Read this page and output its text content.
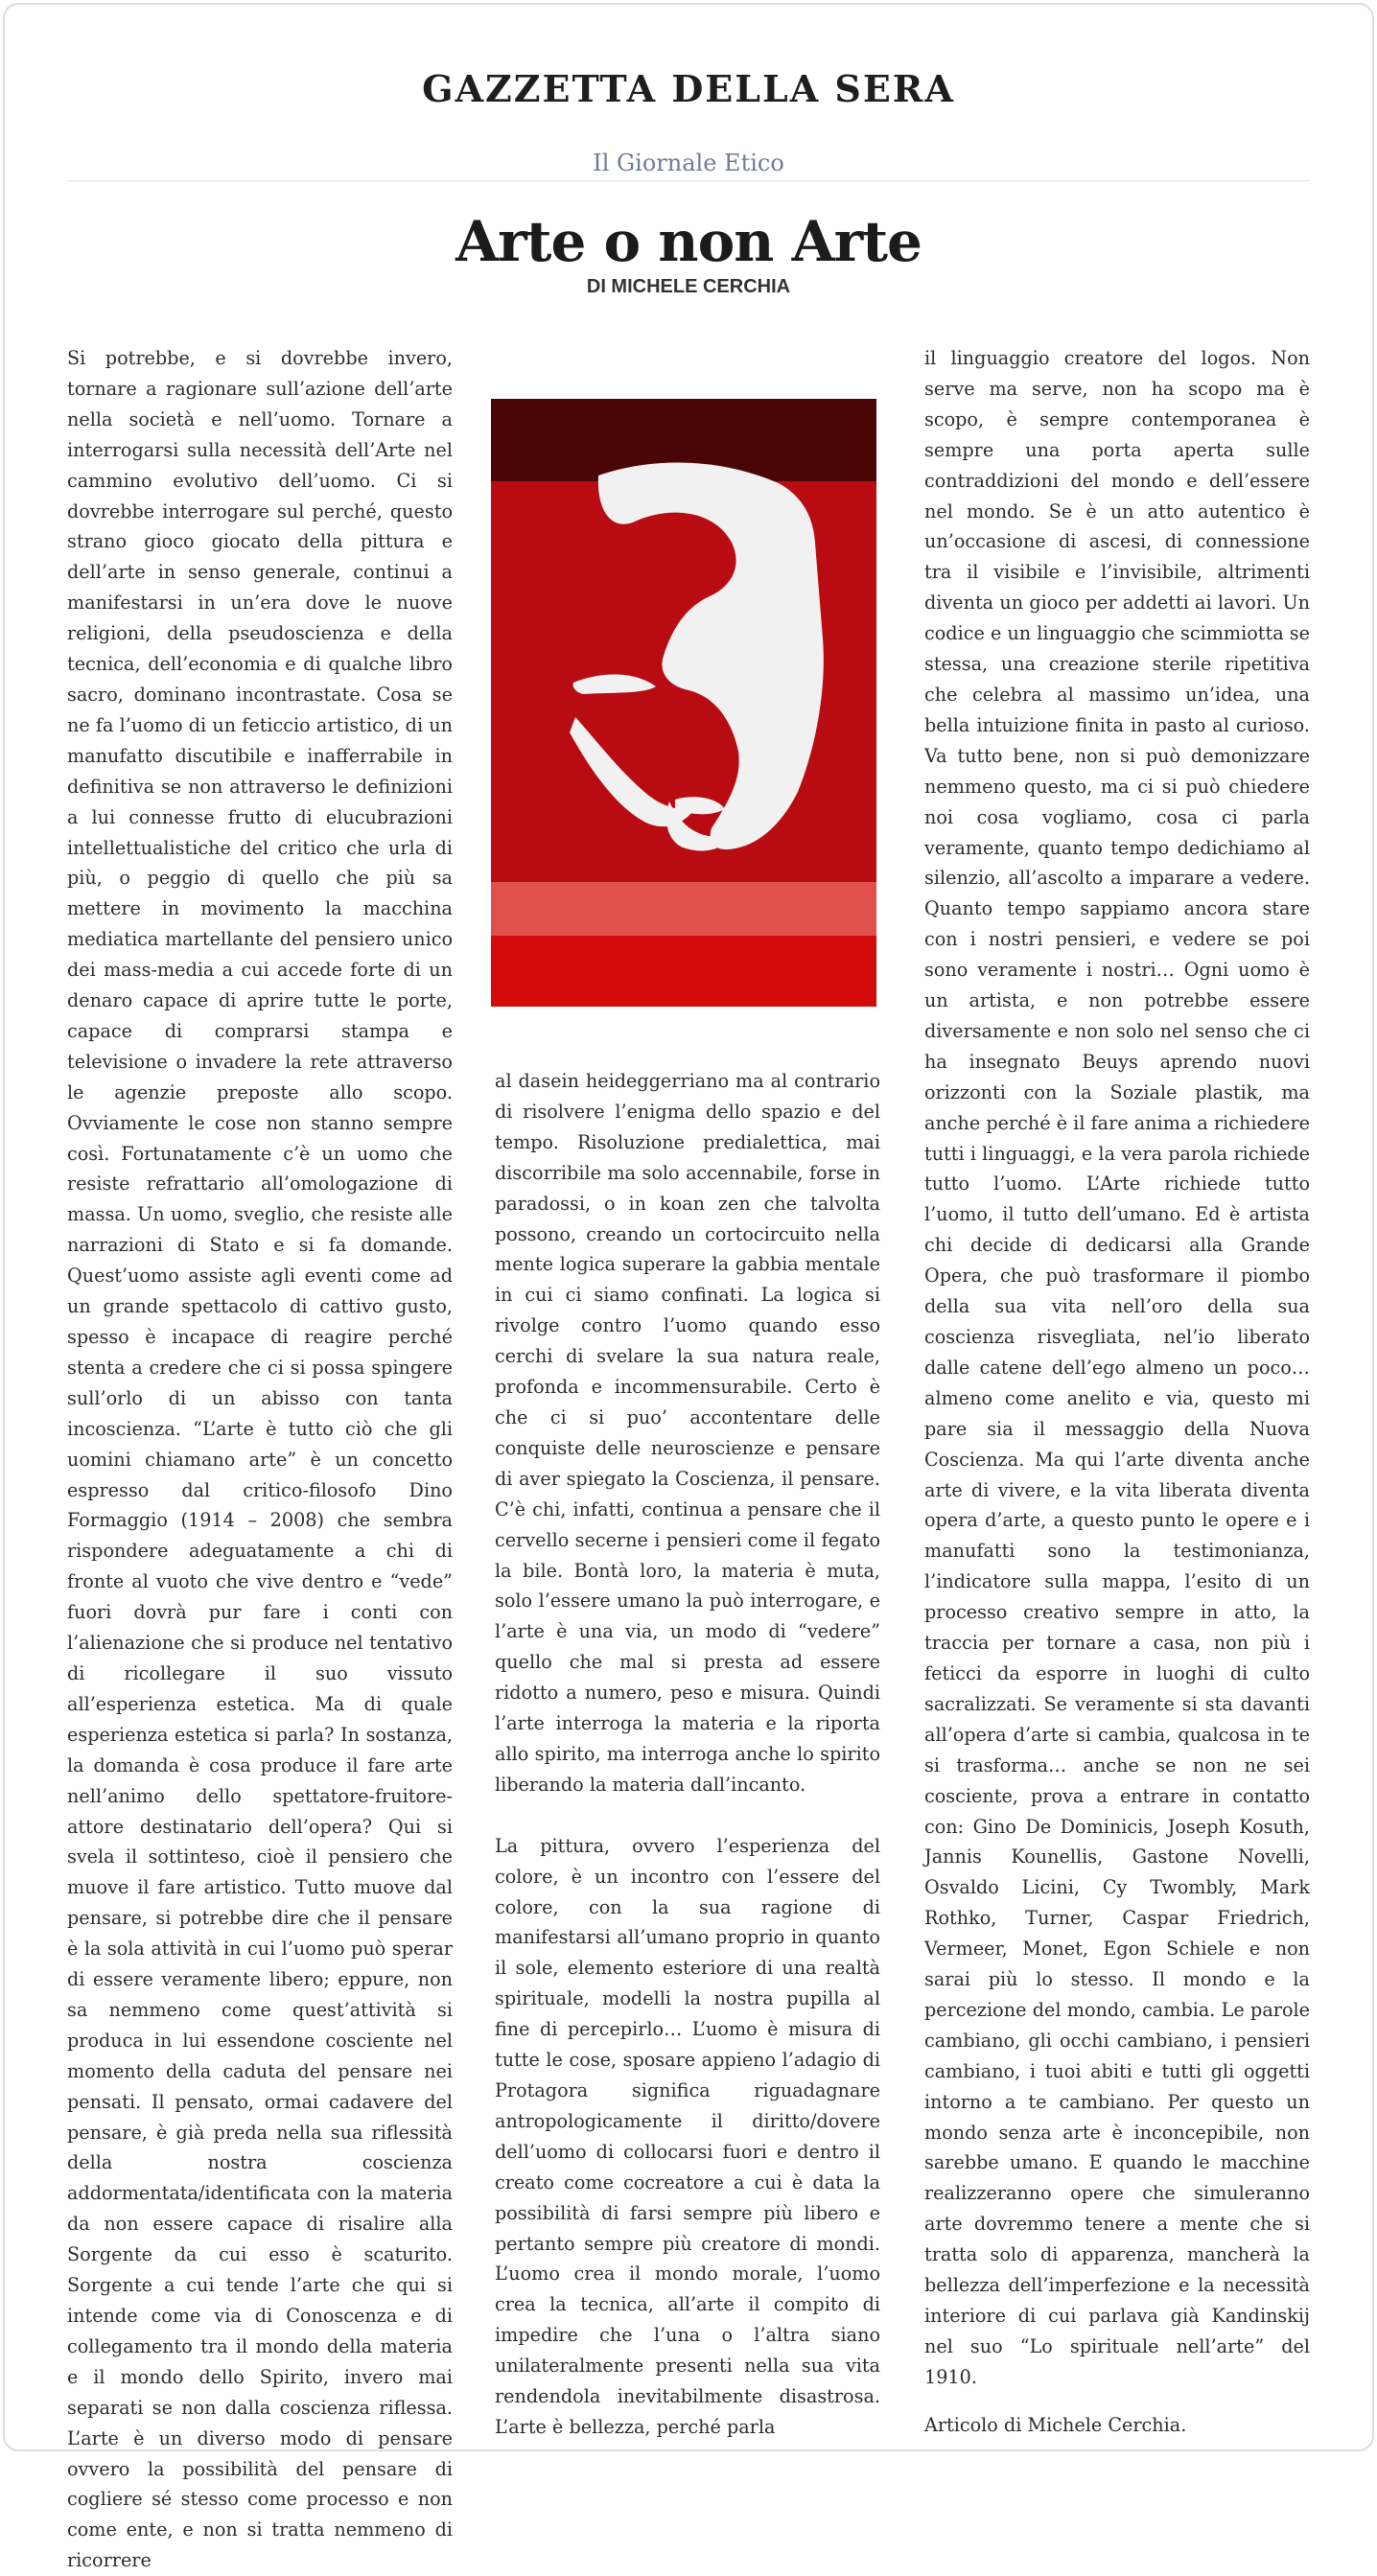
GAZZETTA DELLA SERA
Il Giornale Etico
Arte o non Arte
DI MICHELE CERCHIA

Si potrebbe, e si dovrebbe invero, tornare a ragionare sull’azione dell’arte nella società e nell’uomo. Tornare a interrogarsi sulla necessità dell’Arte nel cammino evolutivo dell’uomo. Ci si dovrebbe interrogare sul perché, questo strano gioco giocato della pittura e dell’arte in senso generale, continui a manifestarsi in un’era dove le nuove religioni, della pseudoscienza e della tecnica, dell’economia e di qualche libro sacro, dominano incontrastate. Cosa se ne fa l’uomo di un feticcio artistico, di un manufatto discutibile e inafferrabile in definitiva se non attraverso le definizioni a lui connesse frutto di elucubrazioni intellettualistiche del critico che urla di più, o peggio di quello che più sa mettere in movimento la macchina mediatica martellante del pensiero unico dei mass-media a cui accede forte di un denaro capace di aprire tutte le porte, capace di comprarsi stampa e televisione o invadere la rete attraverso le agenzie preposte allo scopo. Ovviamente le cose non stanno sempre così. Fortunatamente c’è un uomo che resiste refrattario all’omologazione di massa. Un uomo, sveglio, che resiste alle narrazioni di Stato e si fa domande. Quest’uomo assiste agli eventi come ad un grande spettacolo di cattivo gusto, spesso è incapace di reagire perché stenta a credere che ci si possa spingere sull’orlo di un abisso con tanta incoscienza. “L’arte è tutto ciò che gli uomini chiamano arte” è un concetto espresso dal critico-filosofo Dino Formaggio (1914 – 2008) che sembra rispondere adeguatamente a chi di fronte al vuoto che vive dentro e “vede” fuori dovrà pur fare i conti con l’alienazione che si produce nel tentativo di ricollegare il suo vissuto all’esperienza estetica. Ma di quale esperienza estetica si parla? In sostanza, la domanda è cosa produce il fare arte nell’animo dello spettatore-fruitore-attore destinatario dell’opera? Qui si svela il sottinteso, cioè il pensiero che muove il fare artistico. Tutto muove dal pensare, si potrebbe dire che il pensare è la sola attività in cui l’uomo può sperar di essere veramente libero; eppure, non sa nemmeno come quest’attività si produca in lui essendone cosciente nel momento della caduta del pensare nei pensati. Il pensato, ormai cadavere del pensare, è già preda nella sua riflessità della nostra coscienza addormentata/identificata con la materia da non essere capace di risalire alla Sorgente da cui esso è scaturito. Sorgente a cui tende l’arte che qui si intende come via di Conoscenza e di collegamento tra il mondo della materia e il mondo dello Spirito, invero mai separati se non dalla coscienza riflessa. L’arte è un diverso modo di pensare ovvero la possibilità del pensare di cogliere sé stesso come processo e non come ente, e non si tratta nemmeno di ricorrere

al dasein heideggerriano ma al contrario di risolvere l’enigma dello spazio e del tempo. Risoluzione predialettica, mai discorribile ma solo accennabile, forse in paradossi, o in koan zen che talvolta possono, creando un cortocircuito nella mente logica superare la gabbia mentale in cui ci siamo confinati. La logica si rivolge contro l’uomo quando esso cerchi di svelare la sua natura reale, profonda e incommensurabile. Certo è che ci si puo’ accontentare delle conquiste delle neuroscienze e pensare di aver spiegato la Coscienza, il pensare. C’è chi, infatti, continua a pensare che il cervello secerne i pensieri come il fegato la bile. Bontà loro, la materia è muta, solo l’essere umano la può interrogare, e l’arte è una via, un modo di “vedere” quello che mal si presta ad essere ridotto a numero, peso e misura. Quindi l’arte interroga la materia e la riporta allo spirito, ma interroga anche lo spirito liberando la materia dall’incanto.

La pittura, ovvero l’esperienza del colore, è un incontro con l’essere del colore, con la sua ragione di manifestarsi all’umano proprio in quanto il sole, elemento esteriore di una realtà spirituale, modelli la nostra pupilla al fine di percepirlo… L’uomo è misura di tutte le cose, sposare appieno l’adagio di Protagora significa riguadagnare antropologicamente il diritto/dovere dell’uomo di collocarsi fuori e dentro il creato come cocreatore a cui è data la possibilità di farsi sempre più libero e pertanto sempre più creatore di mondi. L’uomo crea il mondo morale, l’uomo crea la tecnica, all’arte il compito di impedire che l’una o l’altra siano unilateralmente presenti nella sua vita rendendola inevitabilmente disastrosa. L’arte è bellezza, perché parla

il linguaggio creatore del logos. Non serve ma serve, non ha scopo ma è scopo, è sempre contemporanea è sempre una porta aperta sulle contraddizioni del mondo e dell’essere nel mondo. Se è un atto autentico è un’occasione di ascesi, di connessione tra il visibile e l’invisibile, altrimenti diventa un gioco per addetti ai lavori. Un codice e un linguaggio che scimmiotta se stessa, una creazione sterile ripetitiva che celebra al massimo un’idea, una bella intuizione finita in pasto al curioso. Va tutto bene, non si può demonizzare nemmeno questo, ma ci si può chiedere noi cosa vogliamo, cosa ci parla veramente, quanto tempo dedichiamo al silenzio, all’ascolto a imparare a vedere. Quanto tempo sappiamo ancora stare con i nostri pensieri, e vedere se poi sono veramente i nostri… Ogni uomo è un artista, e non potrebbe essere diversamente e non solo nel senso che ci ha insegnato Beuys aprendo nuovi orizzonti con la Soziale plastik, ma anche perché è il fare anima a richiedere tutti i linguaggi, e la vera parola richiede tutto l’uomo. L’Arte richiede tutto l’uomo, il tutto dell’umano. Ed è artista chi decide di dedicarsi alla Grande Opera, che può trasformare il piombo della sua vita nell’oro della sua coscienza risvegliata, nel’io liberato dalle catene dell’ego almeno un poco… almeno come anelito e via, questo mi pare sia il messaggio della Nuova Coscienza. Ma qui l’arte diventa anche arte di vivere, e la vita liberata diventa opera d’arte, a questo punto le opere e i manufatti sono la testimonianza, l’indicatore sulla mappa, l’esito di un processo creativo sempre in atto, la traccia per tornare a casa, non più i feticci da esporre in luoghi di culto sacralizzati. Se veramente si sta davanti all’opera d’arte si cambia, qualcosa in te si trasforma… anche se non ne sei cosciente, prova a entrare in contatto con: Gino De Dominicis, Joseph Kosuth, Jannis Kounellis, Gastone Novelli, Osvaldo Licini, Cy Twombly, Mark Rothko, Turner, Caspar Friedrich, Vermeer, Monet, Egon Schiele e non sarai più lo stesso. Il mondo e la percezione del mondo, cambia. Le parole cambiano, gli occhi cambiano, i pensieri cambiano, i tuoi abiti e tutti gli oggetti intorno a te cambiano. Per questo un mondo senza arte è inconcepibile, non sarebbe umano. E quando le macchine realizzeranno opere che simuleranno arte dovremmo tenere a mente che si tratta solo di apparenza, mancherà la bellezza dell’imperfezione e la necessità interiore di cui parlava già Kandinskij nel suo “Lo spirituale nell’arte” del 1910.

Articolo di Michele Cerchia.
